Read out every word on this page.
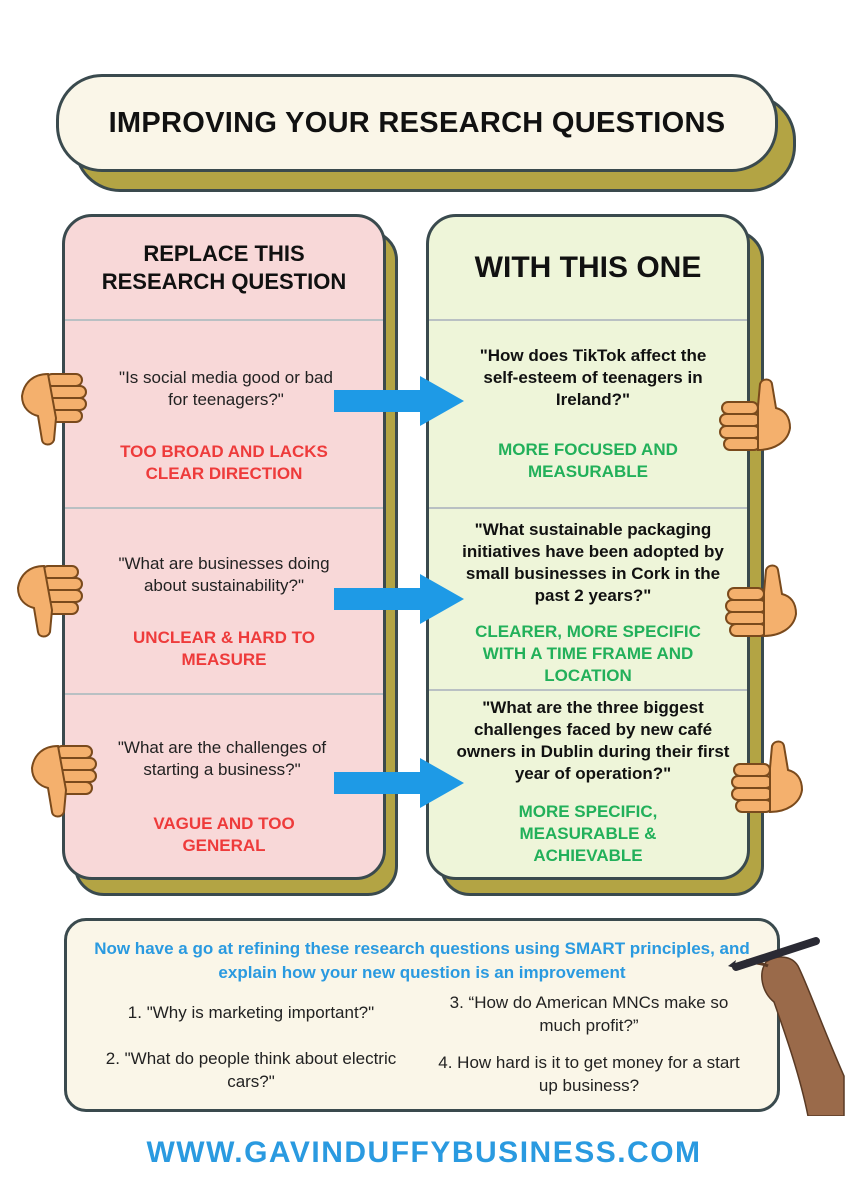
IMPROVING YOUR RESEARCH QUESTIONS
REPLACE THIS RESEARCH QUESTION
"Is social media good or bad for teenagers?"
TOO BROAD AND LACKS CLEAR DIRECTION
"What are businesses doing about sustainability?"
UNCLEAR & HARD TO MEASURE
"What are the challenges of starting a business?"
VAGUE AND TOO GENERAL
WITH THIS ONE
"How does TikTok affect the self-esteem of teenagers in Ireland?"
MORE FOCUSED AND MEASURABLE
"What sustainable packaging initiatives have been adopted by small businesses in Cork in the past 2 years?"
CLEARER, MORE SPECIFIC WITH A TIME FRAME AND LOCATION
"What are the three biggest challenges faced by new café owners in Dublin during their first year of operation?"
MORE SPECIFIC, MEASURABLE & ACHIEVABLE
Now have a go at refining these research questions using SMART principles, and explain how your new question is an improvement
1. "Why is marketing important?"
2. "What do people think about electric cars?"
3. “How do American MNCs make so much profit?”
4. How hard is it to get money for a start up business?
WWW.GAVINDUFFYBUSINESS.COM
